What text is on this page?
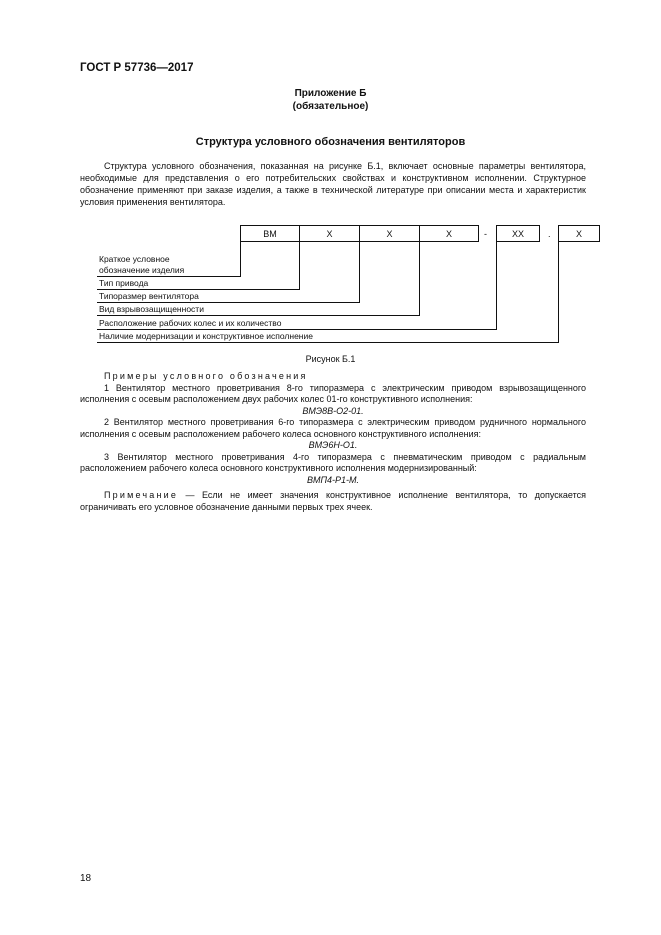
ГОСТ Р 57736—2017
Приложение Б
(обязательное)
Структура условного обозначения вентиляторов

Структура условного обозначения, показанная на рисунке Б.1, включает основные параметры вентилятора, необходимые для представления о его потребительских свойствах и конструктивном исполнении. Структурное обозначение применяют при заказе изделия, а также в технической литературе при описании места и характеристик условия применения вентилятора.

ВМ	Х	Х	Х	-	ХХ	.	Х
Краткое условное
обозначение изделия
Тип привода
Типоразмер вентилятора
Вид взрывозащищенности
Расположение рабочих колес и их количество
Наличие модернизации и конструктивное исполнение
Рисунок Б.1

Примеры условного обозначения

1 Вентилятор местного проветривания 8-го типоразмера с электрическим приводом взрывозащищенного исполнения с осевым расположением двух рабочих колес 01-го конструктивного исполнения:

ВМЭ8В-О2-01.

2 Вентилятор местного проветривания 6-го типоразмера с электрическим приводом рудничного нормального исполнения с осевым расположением рабочего колеса основного конструктивного исполнения:

ВМЭ6Н-О1.

3 Вентилятор местного проветривания 4-го типоразмера с пневматическим приводом с радиальным расположением рабочего колеса основного конструктивного исполнения модернизированный:

ВМП4-Р1-М.

Примечание — Если не имеет значения конструктивное исполнение вентилятора, то допускается ограничивать его условное обозначение данными первых трех ячеек.

18
